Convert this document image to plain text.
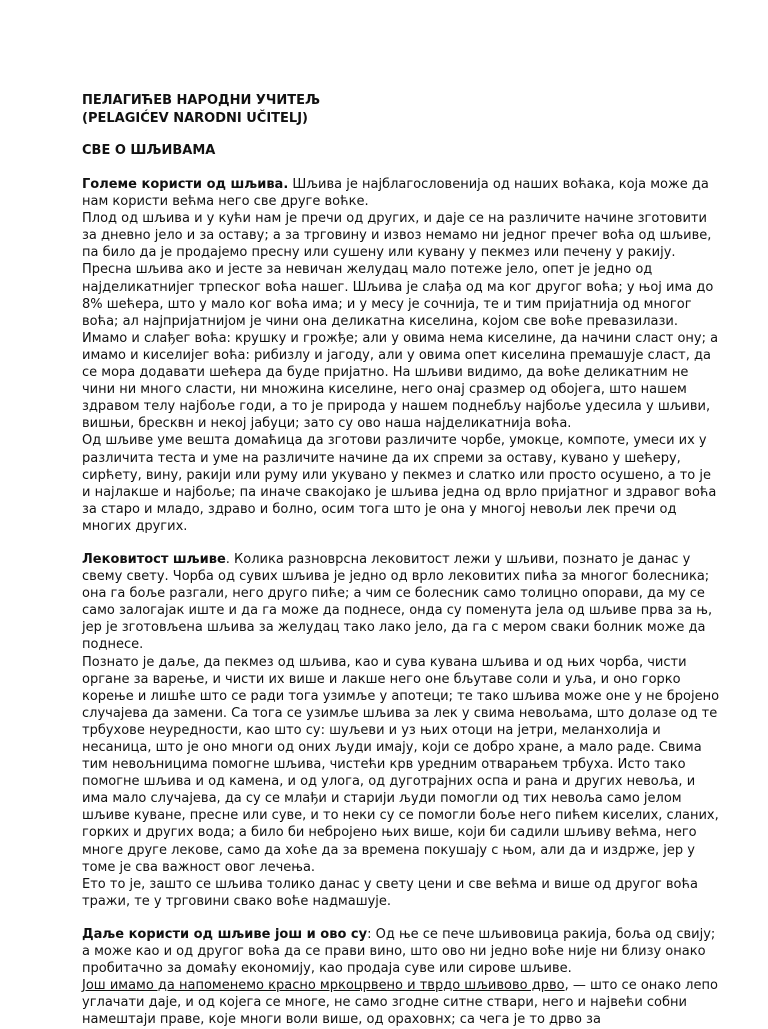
ПЕЛАГИЋЕВ НАРОДНИ УЧИТЕЉ

(PELAGIĆEV NARODNI UČITELJ)

СВЕ О ШЉИВАМА

Големе користи од шљива. Шљива је најблагословенија од наших воћака, која може да нам користи већма него све друге воћке.

Плод од шљива и у кући нам је пречи од других, и даје се на различите начине зготовити за дневно јело и за оставу; а за трговину и извоз немамо ни једног пречег воћа од шљиве, па било да је продајемо пресну или сушену или кувану у пекмез или печену у ракију.

Пресна шљива ако и јесте за невичан желудац мало потеже јело, опет је једно од најделикатнијег трпеског воћа нашег. Шљива је слађа од ма ког другог воћа; у њој има до 8% шећера, што у мало ког воћа има; и у месу је сочнија, те и тим пријатнија од многог воћа; ал најпријатнијом је чини она деликатна киселина, којом све воће превазилази. Имамо и слађег воћа: крушку и грожђе; али у овима нема киселине, да начини сласт ону; а имамо и киселијег воћа: рибизлу и јагоду, али у овима опет киселина премашује сласт, да се мора додавати шећера да буде пријатно. На шљиви видимо, да воће деликатним не чини ни много сласти, ни множина киселине, него онај сразмер од обојега, што нашем здравом телу најбоље годи, а то је природа у нашем поднебљу најбоље удесила у шљиви, вишњи, бресквн и некој јабуци; зато су ово наша најделикатнија воћа.

Од шљиве уме вешта домаћица да зготови различите чорбе, умокце, компоте, умеси их у различита теста и уме на различите начине да их спреми за оставу, кувано у шећеру, сирћету, вину, ракији или руму или укувано у пекмез и слатко или просто осушено, а то је и најлакше и најбоље; па иначе свакојако је шљива једна од врло пријатног и здравог воћа за старо и младо, здраво и болно, осим тога што је она у многој невољи лек пречи од многих других.

Лековитост шљиве. Колика разноврсна лековитост лежи у шљиви, познато је данас у свему свету. Чорба од сувих шљива је једно од врло лековитих пића за многог болесника; она га боље разгали, него друго пиће; а чим се болесник само толицно опорави, да му се само залогајак иште и да га може да поднесе, онда су поменута јела од шљиве прва за њ, јер је зготовљена шљива за желудац тако лако јело, да га с мером сваки болник може да поднесе.

Познато је даље, да пекмез од шљива, као и сува кувана шљива и од њих чорба, чисти органе за варење, и чисти их више и лакше него оне бљутаве соли и уља, и оно горко корење и лишће што се ради тога узимље у апотеци; те тако шљива може оне у не бројено случајева да замени. Са тога се узимље шљива за лек у свима невољама, што долазе од те трбухове неуредности, као што су: шуљеви и уз њих отоци на јетри, меланхолија и несаница, што је оно многи од оних људи имају, који се добро хране, а мало раде. Свима тим невољницима помогне шљива, чистећи крв уредним отварањем трбуха. Исто тако помогне шљива и од камена, и од улога, од дуготрајних оспа и рана и других невоља, и има мало случајева, да су се млађи и старији људи помогли од тих невоља само јелом шљиве куване, пресне или суве, и то неки су се помогли боље него пићем киселих, сланих, горких и других вода; а било би небројено њих више, који би садили шљиву већма, него многе друге лекове, само да хоће да за времена покушају с њом, али да и издрже, јер у томе је сва важност овог лечења.

Ето то је, зашто се шљива толико данас у свету цени и све већма и више од другог воћа тражи, те у трговини свако воће надмашује.

Даље користи од шљиве још и ово су: Од ње се пече шљивовица ракија, боља од свију; а може као и од другог воћа да се прави вино, што ово ни једно воће није ни близу онако пробитачно за домаћу економију, као продаја суве или сирове шљиве.

Још имамо да напоменемо красно мркоцрвено и тврдо шљивово дрво, — што се онако лепо углачати даје, и од којега се многе, не само згодне ситне ствари, него и највећи собни намештаји праве, које многи воли више, од ораховнх; са чега је то дрво за
